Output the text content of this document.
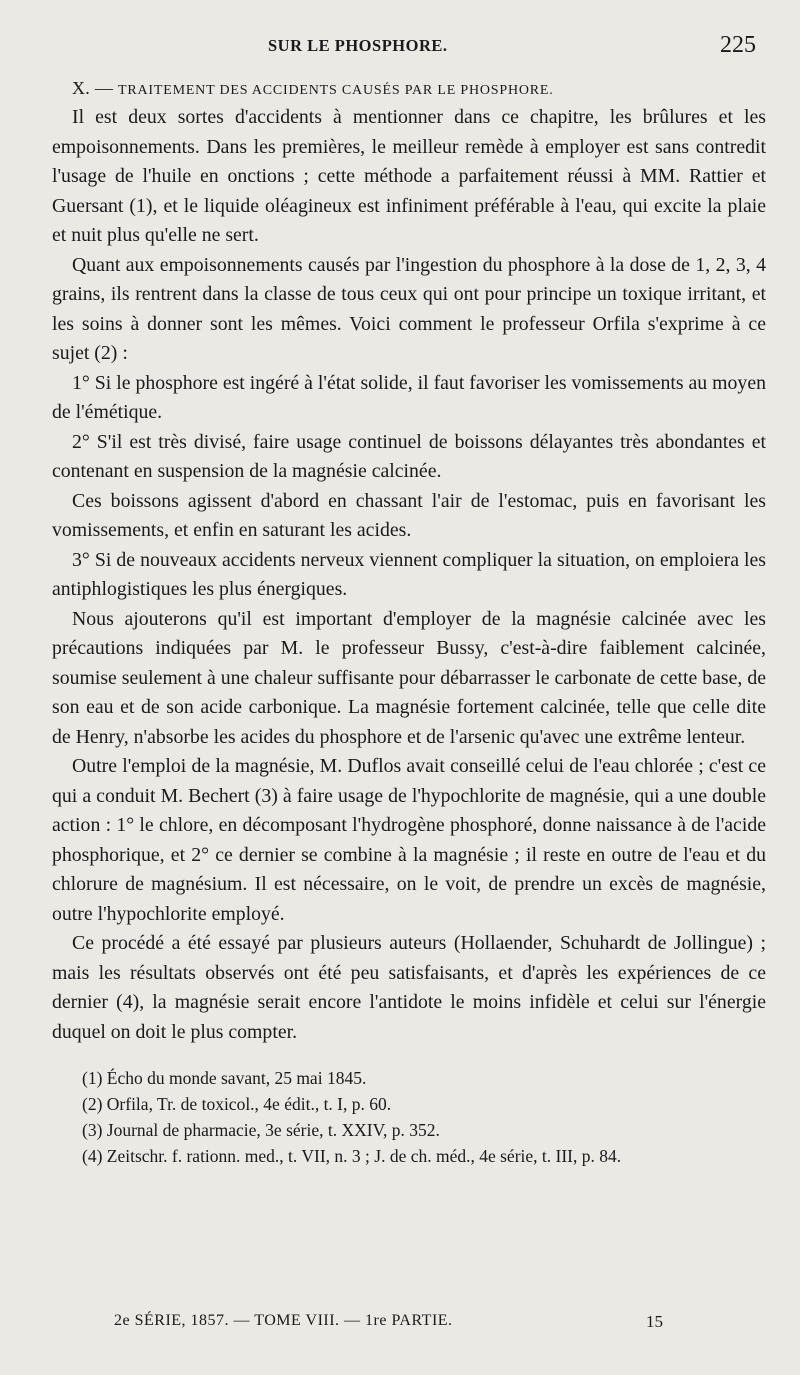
SUR LE PHOSPHORE.	225
X. — TRAITEMENT DES ACCIDENTS CAUSÉS PAR LE PHOSPHORE.

Il est deux sortes d'accidents à mentionner dans ce chapitre, les brûlures et les empoisonnements. Dans les premières, le meilleur remède à employer est sans contredit l'usage de l'huile en onctions ; cette méthode a parfaitement réussi à MM. Rattier et Guersant (1), et le liquide oléagineux est infiniment préférable à l'eau, qui excite la plaie et nuit plus qu'elle ne sert.

Quant aux empoisonnements causés par l'ingestion du phosphore à la dose de 1, 2, 3, 4 grains, ils rentrent dans la classe de tous ceux qui ont pour principe un toxique irritant, et les soins à donner sont les mêmes. Voici comment le professeur Orfila s'exprime à ce sujet (2) :

1° Si le phosphore est ingéré à l'état solide, il faut favoriser les vomissements au moyen de l'émétique.

2° S'il est très divisé, faire usage continuel de boissons délayantes très abondantes et contenant en suspension de la magnésie calcinée.

Ces boissons agissent d'abord en chassant l'air de l'estomac, puis en favorisant les vomissements, et enfin en saturant les acides.

3° Si de nouveaux accidents nerveux viennent compliquer la situation, on emploiera les antiphlogistiques les plus énergiques.

Nous ajouterons qu'il est important d'employer de la magnésie calcinée avec les précautions indiquées par M. le professeur Bussy, c'est-à-dire faiblement calcinée, soumise seulement à une chaleur suffisante pour débarrasser le carbonate de cette base, de son eau et de son acide carbonique. La magnésie fortement calcinée, telle que celle dite de Henry, n'absorbe les acides du phosphore et de l'arsenic qu'avec une extrême lenteur.

Outre l'emploi de la magnésie, M. Duflos avait conseillé celui de l'eau chlorée ; c'est ce qui a conduit M. Bechert (3) à faire usage de l'hypochlorite de magnésie, qui a une double action : 1° le chlore, en décomposant l'hydrogène phosphoré, donne naissance à de l'acide phosphorique, et 2° ce dernier se combine à la magnésie ; il reste en outre de l'eau et du chlorure de magnésium. Il est nécessaire, on le voit, de prendre un excès de magnésie, outre l'hypochlorite employé.

Ce procédé a été essayé par plusieurs auteurs (Hollaender, Schuhardt de Jollingue) ; mais les résultats observés ont été peu satisfaisants, et d'après les expériences de ce dernier (4), la magnésie serait encore l'antidote le moins infidèle et celui sur l'énergie duquel on doit le plus compter.

(1) Écho du monde savant, 25 mai 1845.
(2) Orfila, Tr. de toxicol., 4e édit., t. I, p. 60.
(3) Journal de pharmacie, 3e série, t. XXIV, p. 352.
(4) Zeitschr. f. rationn. med., t. VII, n. 3 ; J. de ch. méd., 4e série, t. III, p. 84.
2e SÉRIE, 1857. — TOME VIII. — 1re PARTIE.	15
